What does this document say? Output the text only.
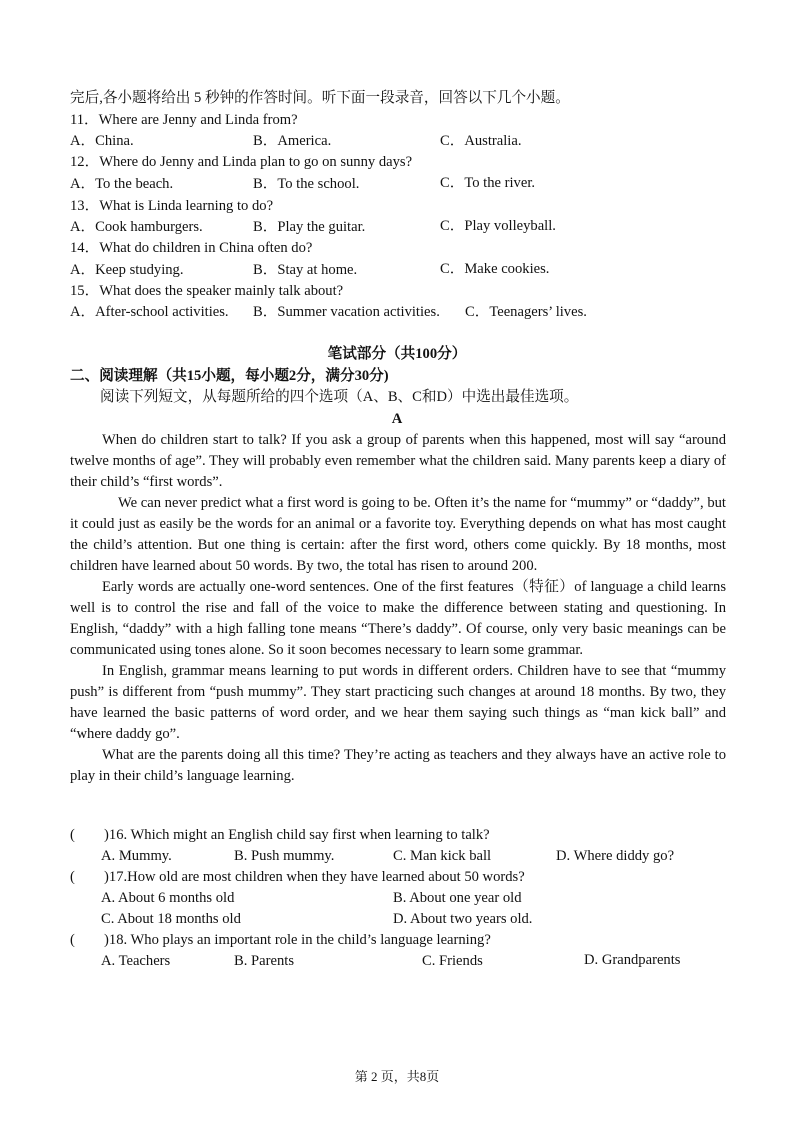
完后,各小题将给出 5 秒钟的作答时间。听下面一段录音，回答以下几个小题。
11．Where are Jenny and Linda from?
A．China.	B．America.	C．Australia.
12．Where do Jenny and Linda plan to go on sunny days?
A．To the beach.	B．To the school.	C．To the river.
13．What is Linda learning to do?
A．Cook hamburgers.	B．Play the guitar.	C．Play volleyball.
14．What do children in China often do?
A．Keep studying.	B．Stay at home.	C．Make cookies.
15．What does the speaker mainly talk about?
A．After-school activities. B．Summer vacation activities. C．Teenagers’ lives.
笔试部分（共100分）
二、阅读理解（共15小题，每小题2分，满分30分)
阅读下列短文，从每题所给的四个选项（A、B、C和D）中选出最佳选项。
A

When do children start to talk? If you ask a group of parents when this happened, most will say “around twelve months of age”. They will probably even remember what the children said. Many parents keep a diary of their child’s “first words”.

We can never predict what a first word is going to be. Often it’s the name for “mummy” or “daddy”, but it could just as easily be the words for an animal or a favorite toy. Everything depends on what has most caught the child’s attention. But one thing is certain: after the first word, others come quickly. By 18 months, most children have learned about 50 words. By two, the total has risen to around 200.

Early words are actually one-word sentences. One of the first features（特征）of language a child learns well is to control the rise and fall of the voice to make the difference between stating and questioning. In English, “daddy” with a high falling tone means “There’s daddy”. Of course, only very basic meanings can be communicated using tones alone. So it soon becomes necessary to learn some grammar.

In English, grammar means learning to put words in different orders. Children have to see that “mummy push” is different from “push mummy”. They start practicing such changes at around 18 months. By two, they have learned the basic patterns of word order, and we hear them saying such things as “man kick ball” and “where daddy go”.

What are the parents doing all this time? They’re acting as teachers and they always have an active role to play in their child’s language learning.

(　　)16. Which might an English child say first when learning to talk?
A. Mummy.	B. Push mummy.	C. Man kick ball	D. Where diddy go?
(　　)17.How old are most children when they have learned about 50 words?
A. About 6 months old	B. About one year old
C. About 18 months old	D. About two years old.
(　　)18. Who plays an important role in the child’s language learning?
A. Teachers	B. Parents	C. Friends	D. Grandparents
第 2 页，共8页
